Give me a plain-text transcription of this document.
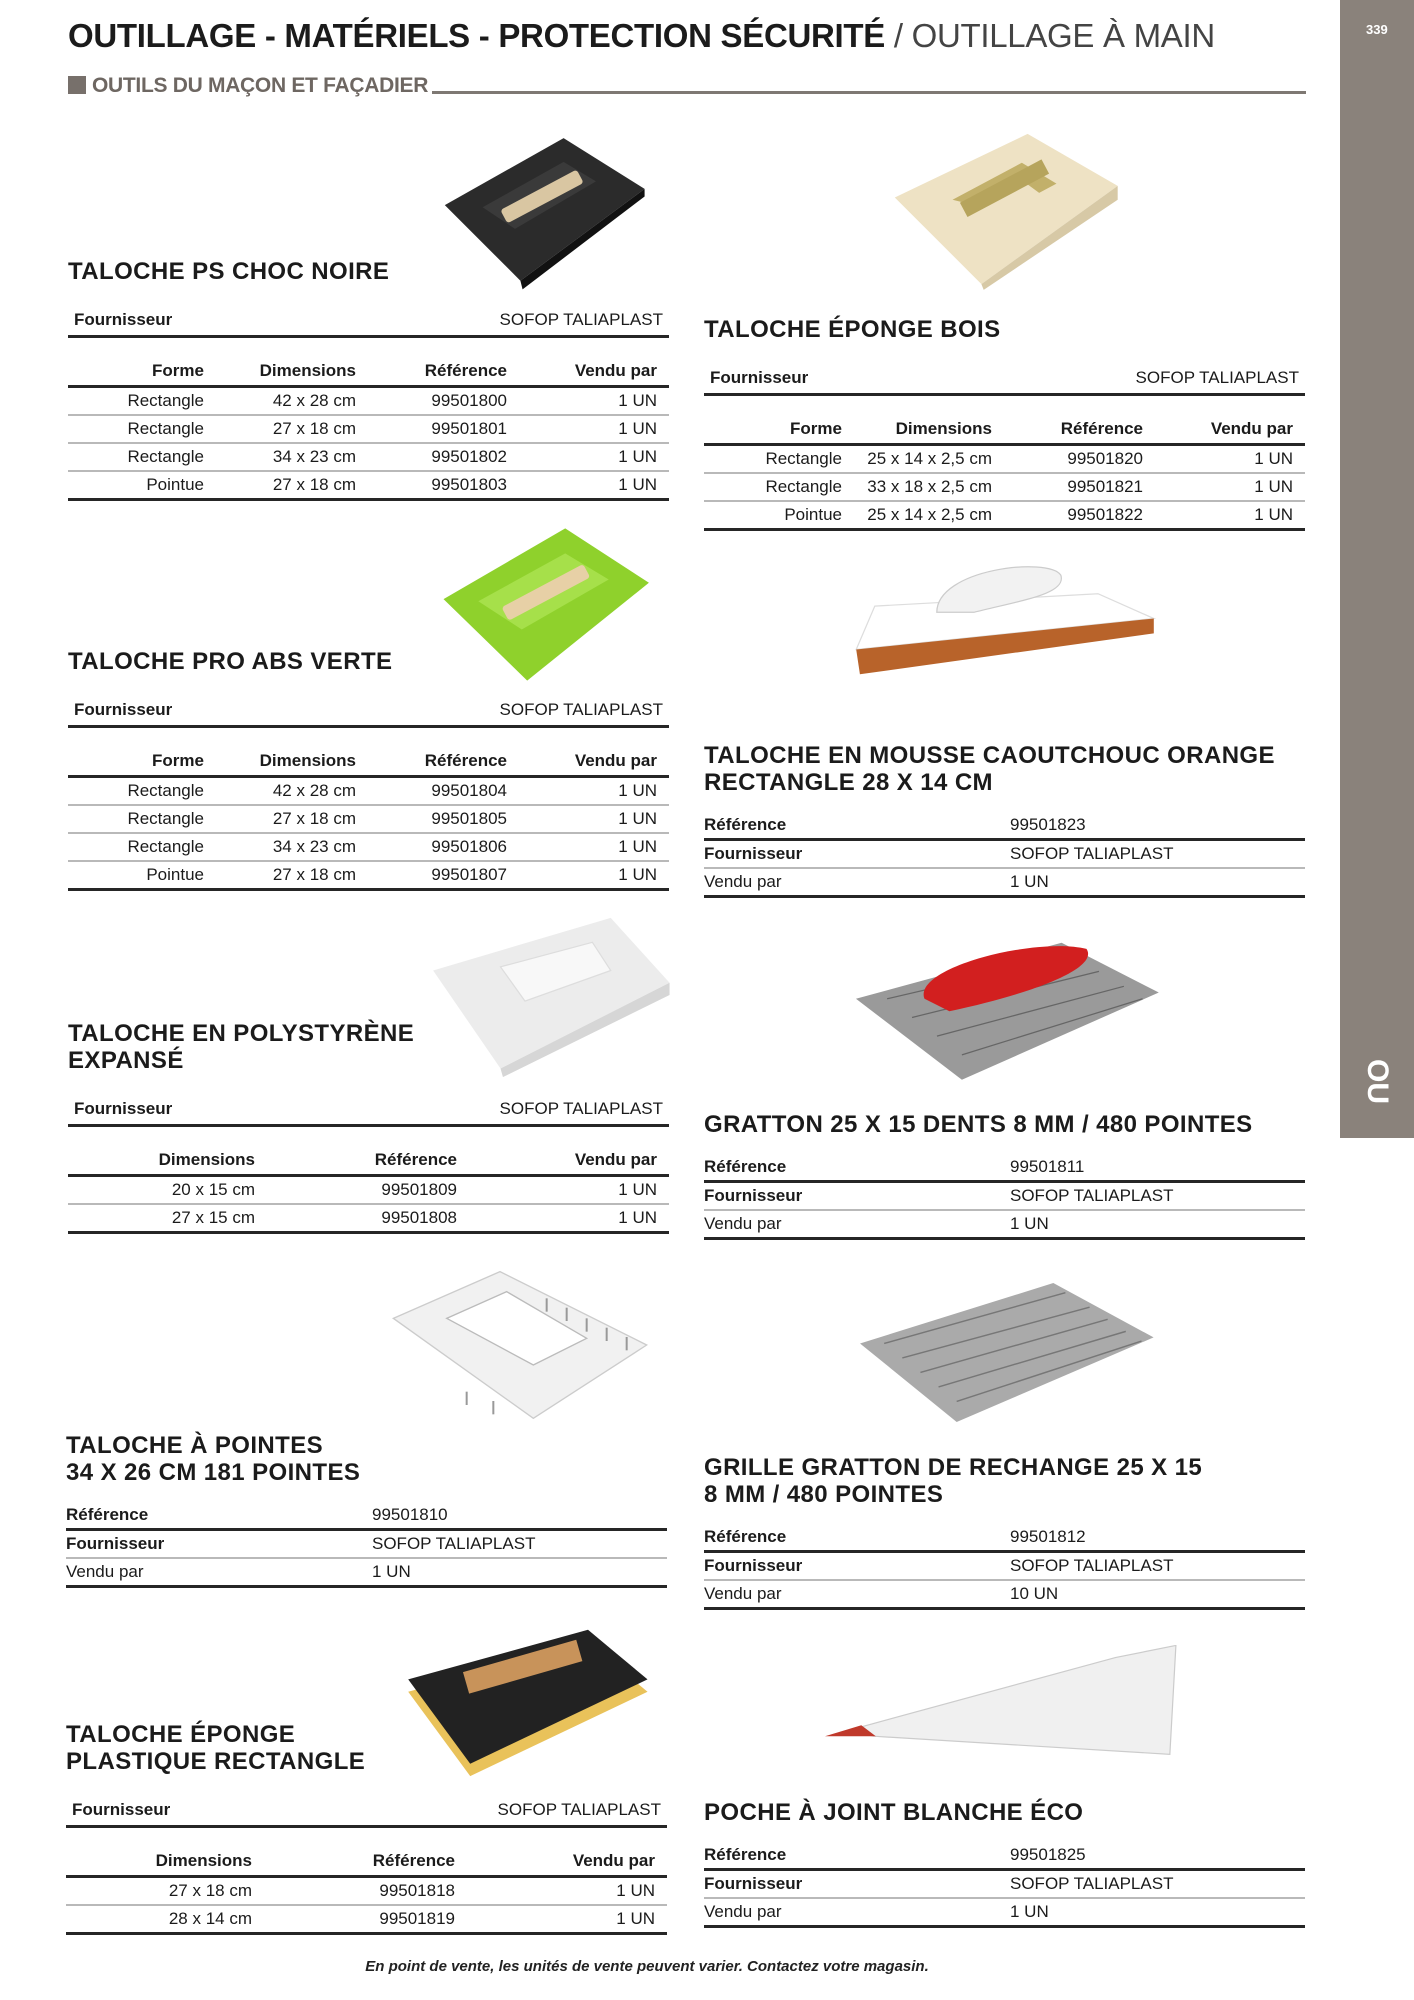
OUTILLAGE - MATÉRIELS - PROTECTION SÉCURITÉ / OUTILLAGE À MAIN
OUTILS DU MAÇON ET FAÇADIER
339
OU
TALOCHE PS CHOC NOIRE
Fournisseur	SOFOP TALIAPLAST
Forme	Dimensions	Référence	Vendu par
Rectangle	42 x 28 cm	99501800	1 UN
Rectangle	27 x 18 cm	99501801	1 UN
Rectangle	34 x 23 cm	99501802	1 UN
Pointue	27 x 18 cm	99501803	1 UN
TALOCHE PRO ABS VERTE
Fournisseur	SOFOP TALIAPLAST
Forme	Dimensions	Référence	Vendu par
Rectangle	42 x 28 cm	99501804	1 UN
Rectangle	27 x 18 cm	99501805	1 UN
Rectangle	34 x 23 cm	99501806	1 UN
Pointue	27 x 18 cm	99501807	1 UN
TALOCHE EN POLYSTYRÈNE
EXPANSÉ
Fournisseur	SOFOP TALIAPLAST
Dimensions	Référence	Vendu par
20 x 15 cm	99501809	1 UN
27 x 15 cm	99501808	1 UN
TALOCHE À POINTES
34 X 26 CM 181 POINTES
Référence	99501810
Fournisseur	SOFOP TALIAPLAST
Vendu par	1 UN
TALOCHE ÉPONGE
PLASTIQUE RECTANGLE
Fournisseur	SOFOP TALIAPLAST
Dimensions	Référence	Vendu par
27 x 18 cm	99501818	1 UN
28 x 14 cm	99501819	1 UN
TALOCHE ÉPONGE BOIS
Fournisseur	SOFOP TALIAPLAST
Forme	Dimensions	Référence	Vendu par
Rectangle	25 x 14 x 2,5 cm	99501820	1 UN
Rectangle	33 x 18 x 2,5 cm	99501821	1 UN
Pointue	25 x 14 x 2,5 cm	99501822	1 UN
TALOCHE EN MOUSSE CAOUTCHOUC ORANGE
RECTANGLE 28 X 14 CM
Référence	99501823
Fournisseur	SOFOP TALIAPLAST
Vendu par	1 UN
GRATTON 25 X 15 DENTS 8 MM / 480 POINTES
Référence	99501811
Fournisseur	SOFOP TALIAPLAST
Vendu par	1 UN
GRILLE GRATTON DE RECHANGE 25 X 15
8 MM / 480 POINTES
Référence	99501812
Fournisseur	SOFOP TALIAPLAST
Vendu par	10 UN
POCHE À JOINT BLANCHE ÉCO
Référence	99501825
Fournisseur	SOFOP TALIAPLAST
Vendu par	1 UN
En point de vente, les unités de vente peuvent varier. Contactez votre magasin.
